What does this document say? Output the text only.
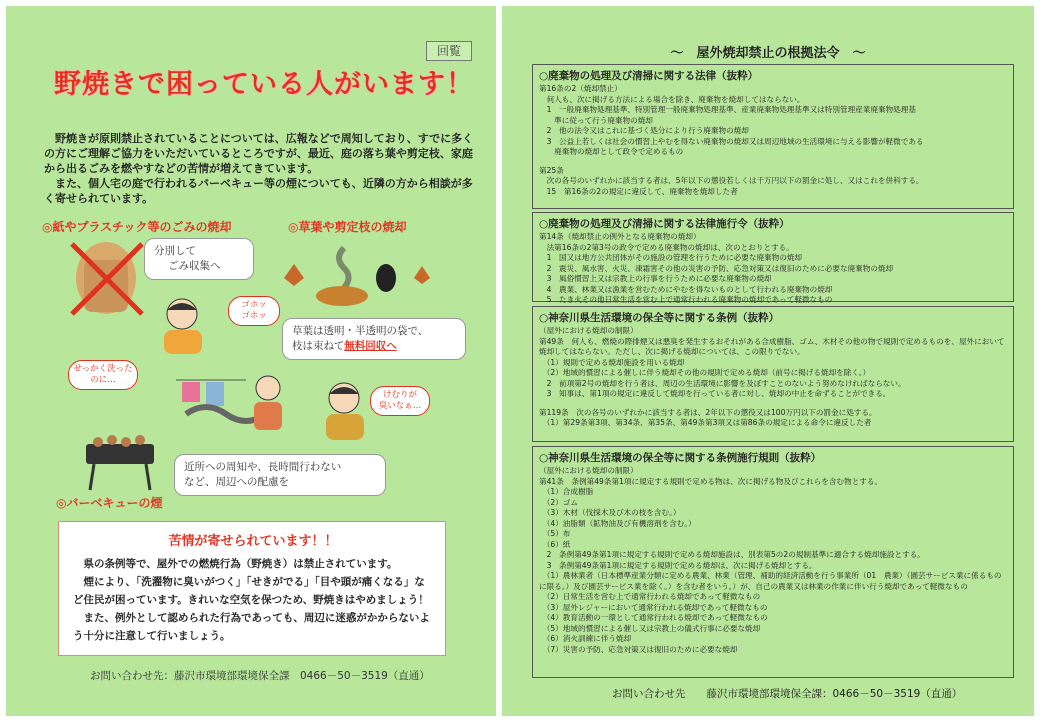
回覧
野焼きで困っている人がいます！

野焼きが原則禁止されていることについては、広報などで周知しており、すでに多くの方にご理解ご協力をいただいているところですが、最近、庭の落ち葉や剪定枝、家庭から出るごみを燃やすなどの苦情が増えてきています。

また、個人宅の庭で行われるバーベキュー等の煙についても、近隣の方から相談が多く寄せられています。

◎紙やプラスチック等のごみの焼却	◎草葉や剪定枝の焼却
分別して
ごみ収集へ
ゴホッ
ゴホッ
草葉は透明・半透明の袋で、
枝は束ねて無料回収へ
せっかく洗った
のに…
けむりが
臭いなぁ…
近所への周知や、長時間行わない
など、周辺への配慮を
◎バーベキューの煙
苦情が寄せられています！！

県の条例等で、屋外での燃焼行為（野焼き）は禁止されています。

煙により、「洗濯物に臭いがつく」「せきがでる」「目や頭が痛くなる」など住民が困っています。きれいな空気を保つため、野焼きはやめましょう！

また、例外として認められた行為であっても、周辺に迷惑がかからないよう十分に注意して行いましょう。

お問い合わせ先：藤沢市環境部環境保全課　0466－50－3519（直通）
～　屋外焼却禁止の根拠法令　～
○廃棄物の処理及び清掃に関する法律（抜粋）
第16条の2（焼却禁止）
　何人も、次に掲げる方法による場合を除き、廃棄物を焼却してはならない。
　1　一般廃棄物処理基準、特別管理一般廃棄物処理基準、産業廃棄物処理基準又は特別管理産業廃棄物処理基
　　準に従って行う廃棄物の焼却
　2　他の法令又はこれに基づく処分により行う廃棄物の焼却
　3　公益上若しくは社会の慣習上やむを得ない廃棄物の焼却又は周辺地域の生活環境に与える影響が軽微である
　　廃棄物の焼却として政令で定めるもの
第25条
　次の各号のいずれかに該当する者は、5年以下の懲役若しくは千万円以下の罰金に処し、又はこれを併科する。
　15　第16条の2の規定に違反して、廃棄物を焼却した者
○廃棄物の処理及び清掃に関する法律施行令（抜粋）
第14条（焼却禁止の例外となる廃棄物の焼却）
　法第16条の2第3号の政令で定める廃棄物の焼却は、次のとおりとする。
　1　国又は地方公共団体がその施設の管理を行うために必要な廃棄物の焼却
　2　震災、風水害、火災、凍霜害その他の災害の予防、応急対策又は復旧のために必要な廃棄物の焼却
　3　風俗慣習上又は宗教上の行事を行うために必要な廃棄物の焼却
　4　農業、林業又は漁業を営むためにやむを得ないものとして行われる廃棄物の焼却
　5　たき火その他日常生活を営む上で通常行われる廃棄物の焼却であって軽微なもの
○神奈川県生活環境の保全等に関する条例（抜粋）
（屋外における焼却の制限）
第49条　何人も、燃焼の際排煙又は悪臭を発生するおそれがある合成樹脂、ゴム、木材その他の物で規則で定めるものを、屋外において焼却してはならない。ただし、次に掲げる焼却については、この限りでない。
　（1）規則で定める焼却施設を用いる焼却
　（2）地域的慣習による催しに伴う焼却その他の規則で定める焼却（前号に掲げる焼却を除く。）
　2　前項第2号の焼却を行う者は、周辺の生活環境に影響を及ぼすことのないよう努めなければならない。
　3　知事は、第1項の規定に違反して焼却を行っている者に対し、焼却の中止を命ずることができる。
第119条　次の各号のいずれかに該当する者は、2年以下の懲役又は100万円以下の罰金に処する。
　（1）第29条第3項、第34条、第35条、第49条第3項又は第86条の規定による命令に違反した者
○神奈川県生活環境の保全等に関する条例施行規則（抜粋）
（屋外における焼却の制限）
第41条　条例第49条第1項に規定する規則で定める物は、次に掲げる物及びこれらを含む物とする。
　（1）合成樹脂
　（2）ゴム
　（3）木材（伐採木及び木の枝を含む。）
　（4）油脂類（鉱物油及び有機溶剤を含む。）
　（5）布
　（6）紙
　2　条例第49条第1項に規定する規則で定める焼却施設は、別表第5の2の規制基準に適合する焼却施設とする。
　3　条例第49条第1項に規定する規則で定める焼却は、次に掲げる焼却とする。
　（1）農林業者（日本標準産業分類に定める農業、林業（管理、補助的経済活動を行う事業所（01　農業）（園芸サービス業に係るものに限る。）及び園芸サービス業を除く。）を含む者をいう。）が、自己の農業又は林業の作業に伴い行う焼却であって軽微なもの
　（2）日常生活を営む上で通常行われる焼却であって軽微なもの
　（3）屋外レジャーにおいて通常行われる焼却であって軽微なもの
　（4）教育活動の一環として通常行われる焼却であって軽微なもの
　（5）地域的慣習による催し又は宗教上の儀式行事に必要な焼却
　（6）消火訓練に伴う焼却
　（7）災害の予防、応急対策又は復旧のために必要な焼却
お問い合わせ先　　 藤沢市環境部環境保全課：0466－50－3519（直通）
